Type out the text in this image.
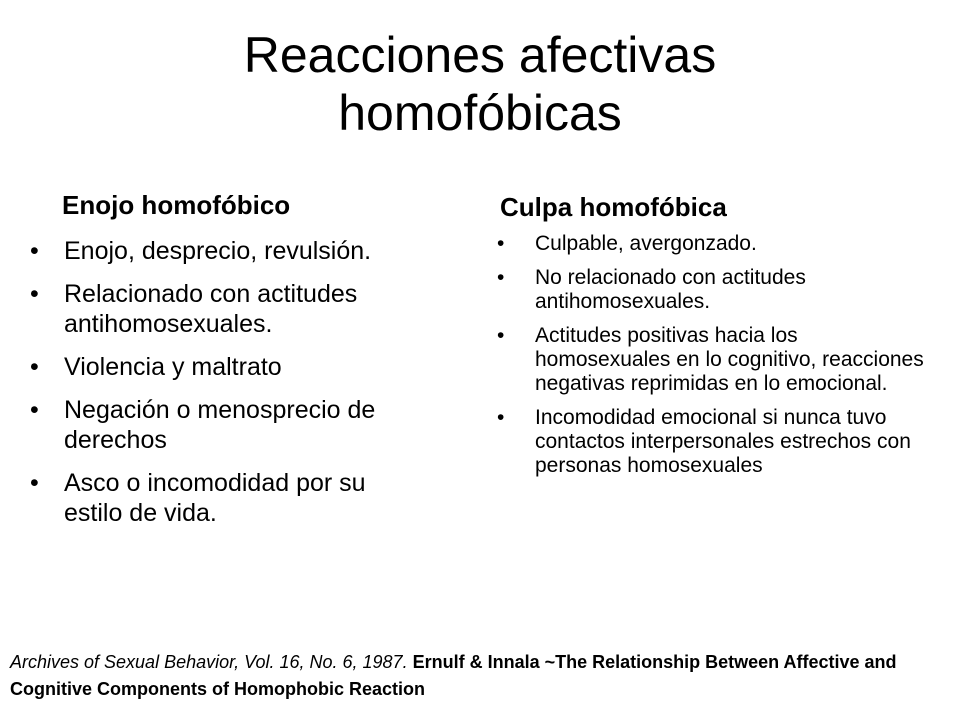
Reacciones afectivas
homofóbicas
Enojo homofóbico
• Enojo, desprecio, revulsión.
• Relacionado con actitudes antihomosexuales.
• Violencia y maltrato
• Negación o menosprecio de derechos
• Asco o incomodidad por su estilo de vida.
Culpa homofóbica
• Culpable, avergonzado.
• No relacionado con actitudes antihomosexuales.
• Actitudes positivas hacia los homosexuales en lo cognitivo, reacciones negativas reprimidas en lo emocional.
• Incomodidad emocional si nunca tuvo contactos interpersonales estrechos con personas homosexuales
Archives of Sexual Behavior, Vol. 16, No. 6, 1987. Ernulf & Innala ~The Relationship Between Affective and Cognitive Components of Homophobic Reaction
